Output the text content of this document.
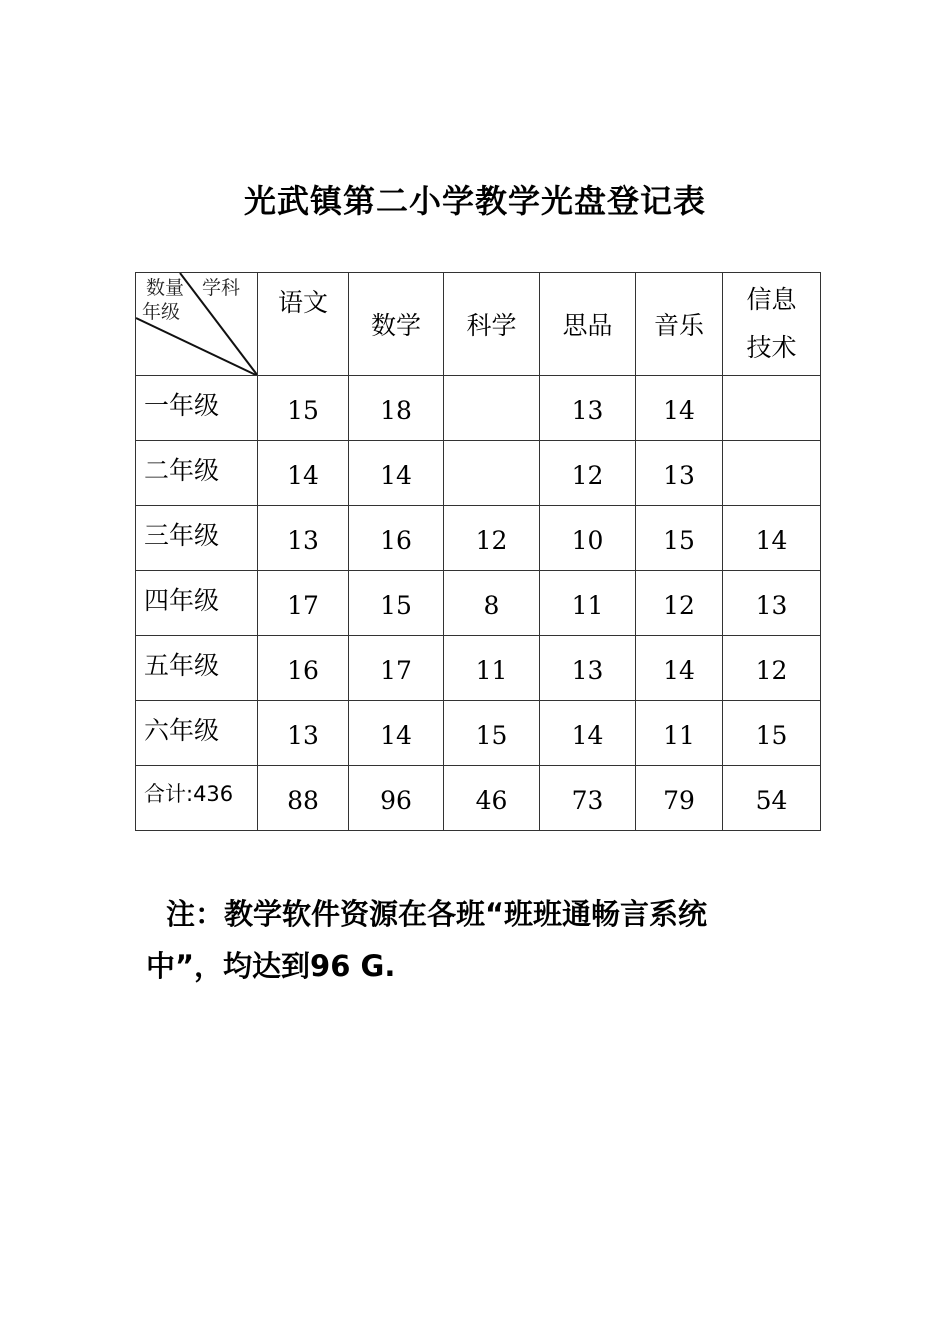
光武镇第二小学教学光盘登记表
数量 学科
年级	语文	数学	科学	思品	音乐	信息
技术
一年级	15	18		13	14	
二年级	14	14		12	13	
三年级	13	16	12	10	15	14
四年级	17	15	8	11	12	13
五年级	16	17	11	13	14	12
六年级	13	14	15	14	11	15
合计:436	88	96	46	73	79	54

注：教学软件资源在各班“班班通畅言系统
中”，均达到96 G.
